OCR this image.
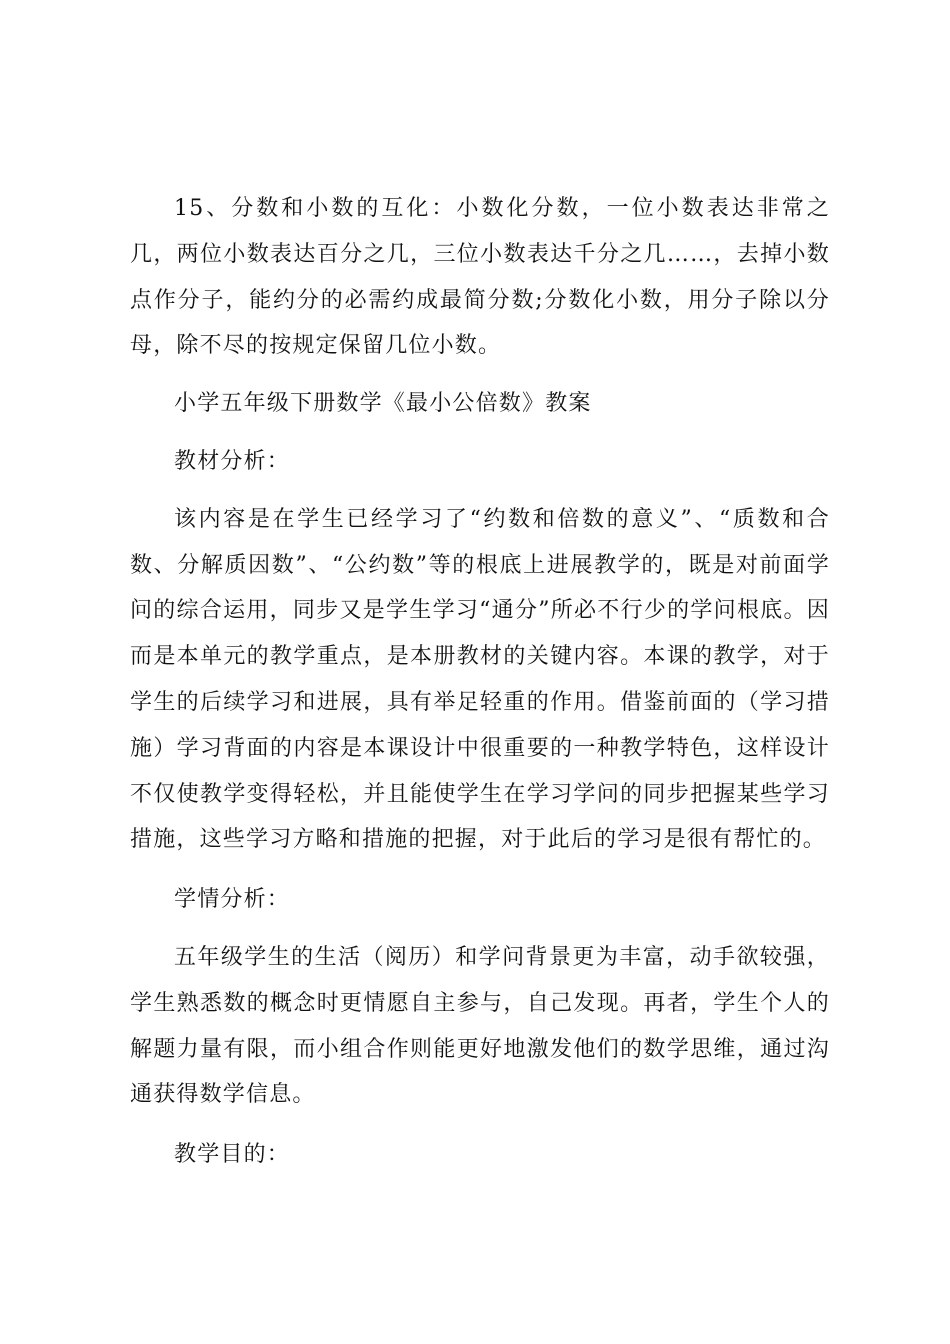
15、分数和小数的互化：小数化分数，一位小数表达非常之几，两位小数表达百分之几，三位小数表达千分之几……，去掉小数点作分子，能约分的必需约成最简分数;分数化小数，用分子除以分母，除不尽的按规定保留几位小数。

小学五年级下册数学《最小公倍数》教案

教材分析：

该内容是在学生已经学习了“约数和倍数的意义”、“质数和合数、分解质因数”、“公约数”等的根底上进展教学的，既是对前面学问的综合运用，同步又是学生学习“通分”所必不行少的学问根底。因而是本单元的教学重点，是本册教材的关键内容。本课的教学，对于学生的后续学习和进展，具有举足轻重的作用。借鉴前面的（学习措施）学习背面的内容是本课设计中很重要的一种教学特色，这样设计不仅使教学变得轻松，并且能使学生在学习学问的同步把握某些学习措施，这些学习方略和措施的把握，对于此后的学习是很有帮忙的。

学情分析：

五年级学生的生活（阅历）和学问背景更为丰富，动手欲较强，学生熟悉数的概念时更情愿自主参与，自己发现。再者，学生个人的解题力量有限，而小组合作则能更好地激发他们的数学思维，通过沟通获得数学信息。

教学目的：
